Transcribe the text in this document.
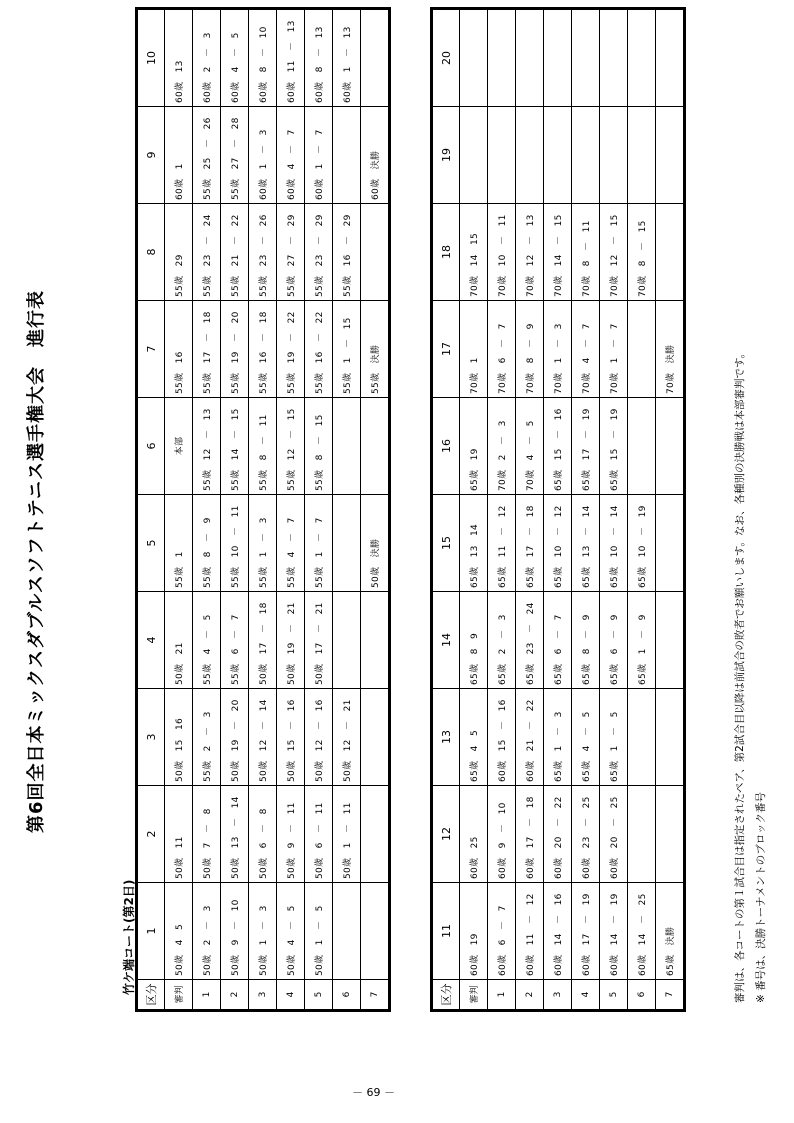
第6回全日本ミックスダブルスソフトテニス選手権大会　進行表
竹ケ端コート(第2日) 区分	1	2	3	4	5	6	7	8	9	10
審判	50歳　4　5	50歳　11	50歳　15　16	50歳　21	55歳　1	本部	55歳　16	55歳　29	60歳　1	60歳　13
1	50歳　2　－　3	50歳　7　－　8	55歳　2　－　3	55歳　4　－　5	55歳　8　－　9	55歳　12　－　13	55歳　17　－　18	55歳　23　－　24	55歳　25　－　26	60歳　2　－　3
2	50歳　9　－　10	50歳　13　－　14	50歳　19　－　20	55歳　6　－　7	55歳　10　－　11	55歳　14　－　15	55歳　19　－　20	55歳　21　－　22	55歳　27　－　28	60歳　4　－　5
3	50歳　1　－　3	50歳　6　－　8	50歳　12　－　14	50歳　17　－　18	55歳　1　－　3	55歳　8　－　11	55歳　16　－　18	55歳　23　－　26	60歳　1　－　3	60歳　8　－　10
4	50歳　4　－　5	50歳　9　－　11	50歳　15　－　16	50歳　19　－　21	55歳　4　－　7	55歳　12　－　15	55歳　19　－　22	55歳　27　－　29	60歳　4　－　7	60歳　11　－　13
5	50歳　1　－　5	50歳　6　－　11	50歳　12　－　16	50歳　17　－　21	55歳　1　－　7	55歳　8　－　15	55歳　16　－　22	55歳　23　－　29	60歳　1　－　7	60歳　8　－　13
6		50歳　1　－　11	50歳　12　－　21				55歳　1　－　15	55歳　16　－　29		60歳　1　－　13
7					50歳　決勝		55歳　決勝		60歳　決勝	
区分	11	12	13	14	15	16	17	18	19	20
審判	60歳　19	60歳　25	65歳　4　5	65歳　8　9	65歳　13　14	65歳　19	70歳　1	70歳　14　15		
1	60歳　6　－　7	60歳　9　－　10	60歳　15　－　16	65歳　2　－　3	65歳　11　－　12	70歳　2　－　3	70歳　6　－　7	70歳　10　－　11		
2	60歳　11　－　12	60歳　17　－　18	60歳　21　－　22	65歳　23　－　24	65歳　17　－　18	70歳　4　－　5	70歳　8　－　9	70歳　12　－　13		
3	60歳　14　－　16	60歳　20　－　22	65歳　1　－　3	65歳　6　－　7	65歳　10　－　12	65歳　15　－　16	70歳　1　－　3	70歳　14　－　15		
4	60歳　17　－　19	60歳　23　－　25	65歳　4　－　5	65歳　8　－　9	65歳　13　－　14	65歳　17　－　19	70歳　4　－　7	70歳　8　－　11		
5	60歳　14　－　19	60歳　20　－　25	65歳　1　－　5	65歳　6　－　9	65歳　10　－　14	65歳　15　－　19	70歳　1　－　7	70歳　12　－　15		
6	60歳　14　－　25			65歳　1　－　9	65歳　10　－　19			70歳　8　－　15		
7	65歳　決勝						70歳　決勝				審判は、各コートの第１試合目は指定されたペア、第2試合目以降は前試合の敗者でお願いします。なお、各種別の決勝戦は本部審判です。 ※ 番号は、決勝トーナメントのブロック番号
－ 69 －
